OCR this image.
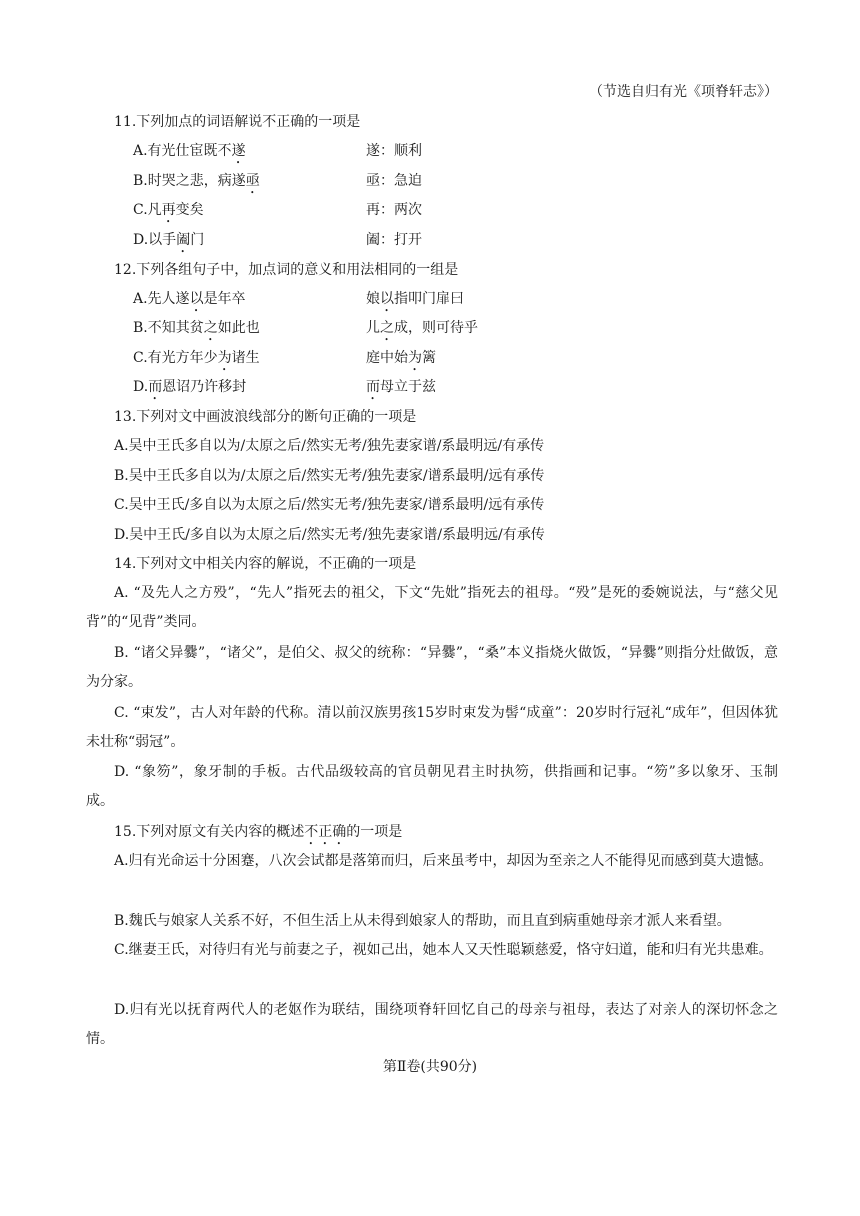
（节选自归有光《项脊轩志》）
11.下列加点的词语解说不正确的一项是
A.有光仕宦既不遂	遂：顺利
B.时哭之悲，病遂亟	亟：急迫
C.凡再变矣	再：两次
D.以手阖门	阖：打开
12.下列各组句子中，加点词的意义和用法相同的一组是
A.先人遂以是年卒	娘以指叩门扉曰
B.不知其贫之如此也	儿之成，则可待乎
C.有光方年少为诸生	庭中始为篱
D.而恩诏乃许移封	而母立于兹
13.下列对文中画波浪线部分的断句正确的一项是
A.吴中王氏多自以为/太原之后/然实无考/独先妻家谱/系最明远/有承传
B.吴中王氏多自以为/太原之后/然实无考/独先妻家/谱系最明/远有承传
C.吴中王氏/多自以为太原之后/然实无考/独先妻家/谱系最明/远有承传
D.吴中王氏/多自以为太原之后/然实无考/独先妻家谱/系最明远/有承传
14.下列对文中相关内容的解说，不正确的一项是
A. “及先人之方殁”，“先人”指死去的祖父，下文“先妣”指死去的祖母。“殁”是死的委婉说法，与“慈父见背”的“见背”类同。
B. “诸父异爨”，“诸父”，是伯父、叔父的统称：“异爨”，“桑”本义指烧火做饭，“异爨”则指分灶做饭，意为分家。
C. “束发”，古人对年龄的代称。清以前汉族男孩15岁时束发为髻“成童”：20岁时行冠礼“成年”，但因体犹未壮称“弱冠”。
D. “象笏”，象牙制的手板。古代品级较高的官员朝见君主时执笏，供指画和记事。“笏”多以象牙、玉制成。
15.下列对原文有关内容的概述不正确的一项是
A.归有光命运十分困蹇，八次会试都是落第而归，后来虽考中，却因为至亲之人不能得见而感到莫大遗憾。
B.魏氏与娘家人关系不好，不但生活上从未得到娘家人的帮助，而且直到病重她母亲才派人来看望。
C.继妻王氏，对待归有光与前妻之子，视如己出，她本人又天性聪颖慈爱，恪守妇道，能和归有光共患难。
D.归有光以抚育两代人的老妪作为联结，围绕项脊轩回忆自己的母亲与祖母，表达了对亲人的深切怀念之情。
第Ⅱ卷(共90分)
